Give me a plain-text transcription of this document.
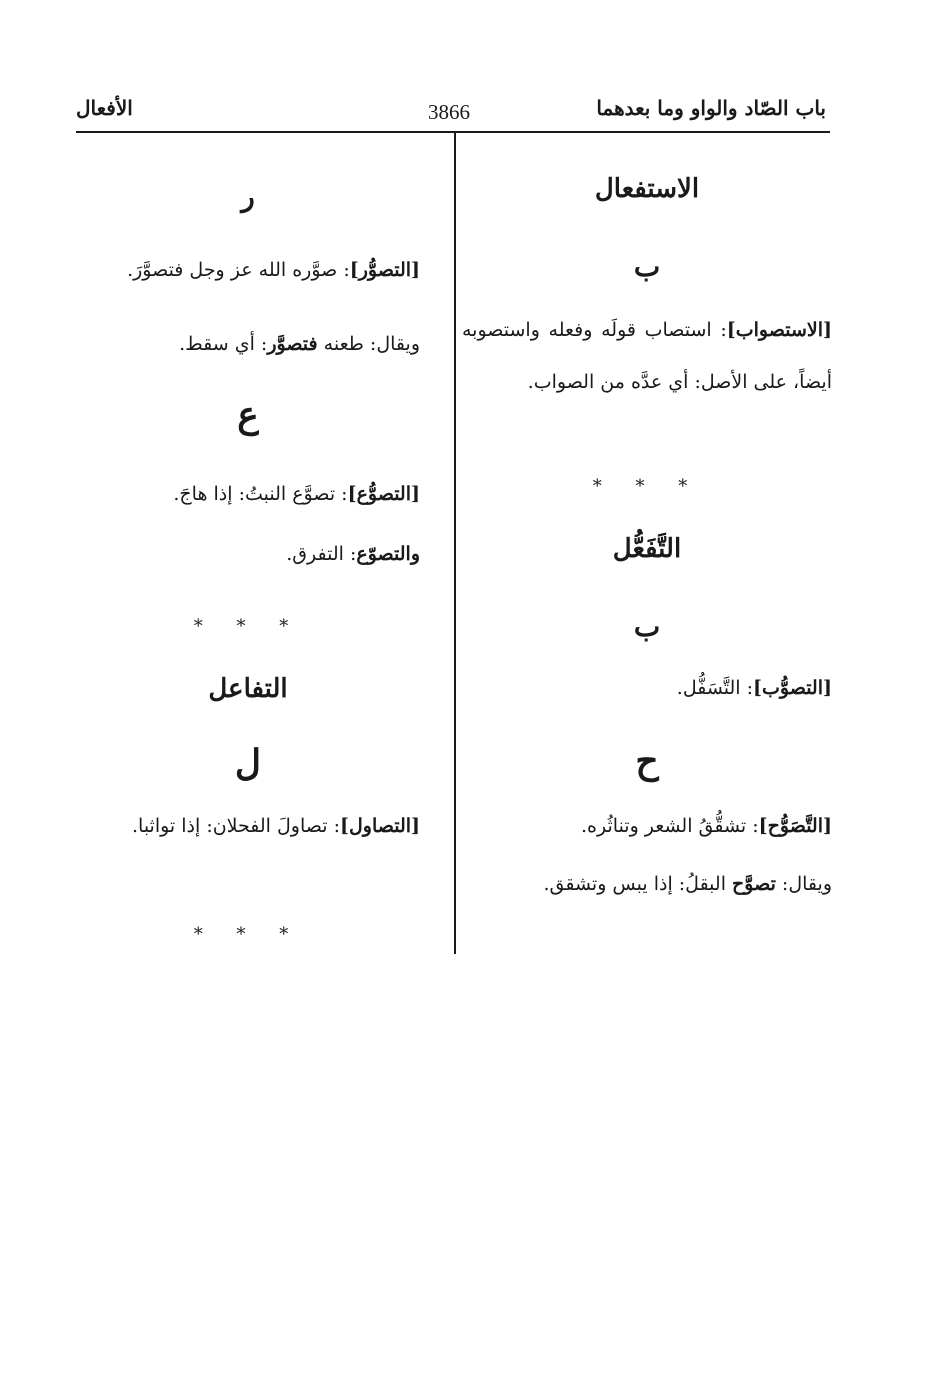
باب الصّاد والواو وما بعدهما
3866
الأفعال
الاستفعال
ب
[الاستصواب]: استصاب قولَه وفعله واستصوبه أيضاً، على الأصل: أي عدَّه من الصواب.
* * *
التَّفَعُّل
ب
[التصوُّب]: التَّسَفُّل.
ح
[التَّصَوُّح]: تشقُّقُ الشعر وتناثُره.
ويقال: تصوَّح البقلُ: إذا يبس وتشقق.
ر
[التصوُّر]: صوَّره الله عز وجل فتصوَّرَ.
ويقال: طعنه فتصوَّر: أي سقط.
ع
[التصوُّع]: تصوَّع النبتُ: إذا هاجَ.
والتصوّع: التفرق.
* * *
التفاعل
ل
[التصاول]: تصاولَ الفحلان: إذا تواثبا.
* * *
